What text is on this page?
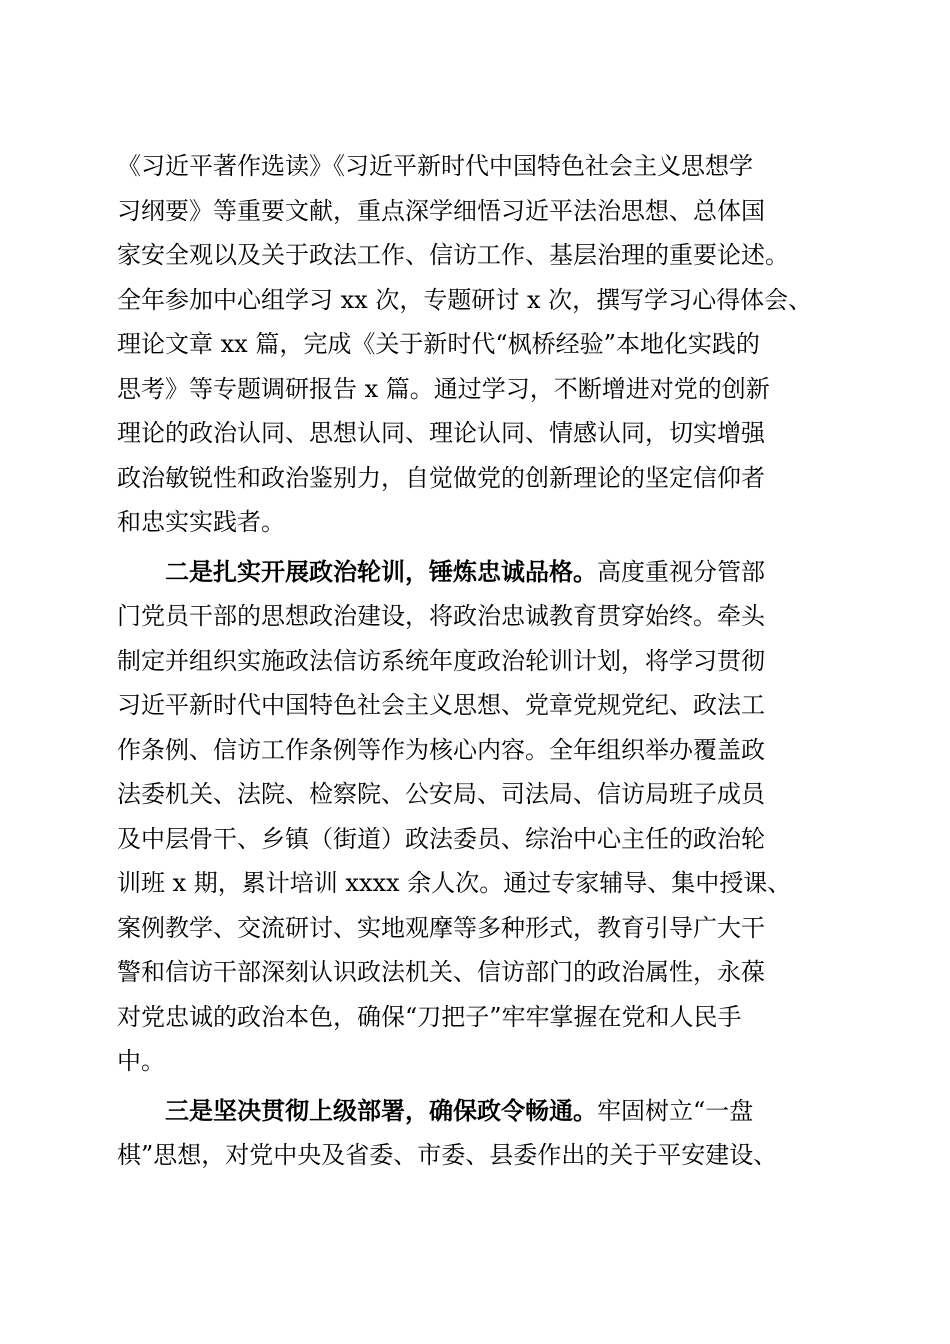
《习近平著作选读》《习近平新时代中国特色社会主义思想学
习纲要》等重要文献，重点深学细悟习近平法治思想、总体国
家安全观以及关于政法工作、信访工作、基层治理的重要论述。
全年参加中心组学习 xx 次，专题研讨 x 次，撰写学习心得体会、
理论文章 xx 篇，完成《关于新时代“枫桥经验”本地化实践的
思考》等专题调研报告 x 篇。通过学习，不断增进对党的创新
理论的政治认同、思想认同、理论认同、情感认同，切实增强
政治敏锐性和政治鉴别力，自觉做党的创新理论的坚定信仰者
和忠实实践者。
二是扎实开展政治轮训，锤炼忠诚品格。高度重视分管部
门党员干部的思想政治建设，将政治忠诚教育贯穿始终。牵头
制定并组织实施政法信访系统年度政治轮训计划，将学习贯彻
习近平新时代中国特色社会主义思想、党章党规党纪、政法工
作条例、信访工作条例等作为核心内容。全年组织举办覆盖政
法委机关、法院、检察院、公安局、司法局、信访局班子成员
及中层骨干、乡镇（街道）政法委员、综治中心主任的政治轮
训班 x 期，累计培训 xxxx 余人次。通过专家辅导、集中授课、
案例教学、交流研讨、实地观摩等多种形式，教育引导广大干
警和信访干部深刻认识政法机关、信访部门的政治属性，永葆
对党忠诚的政治本色，确保“刀把子”牢牢掌握在党和人民手
中。
三是坚决贯彻上级部署，确保政令畅通。牢固树立“一盘
棋”思想，对党中央及省委、市委、县委作出的关于平安建设、
